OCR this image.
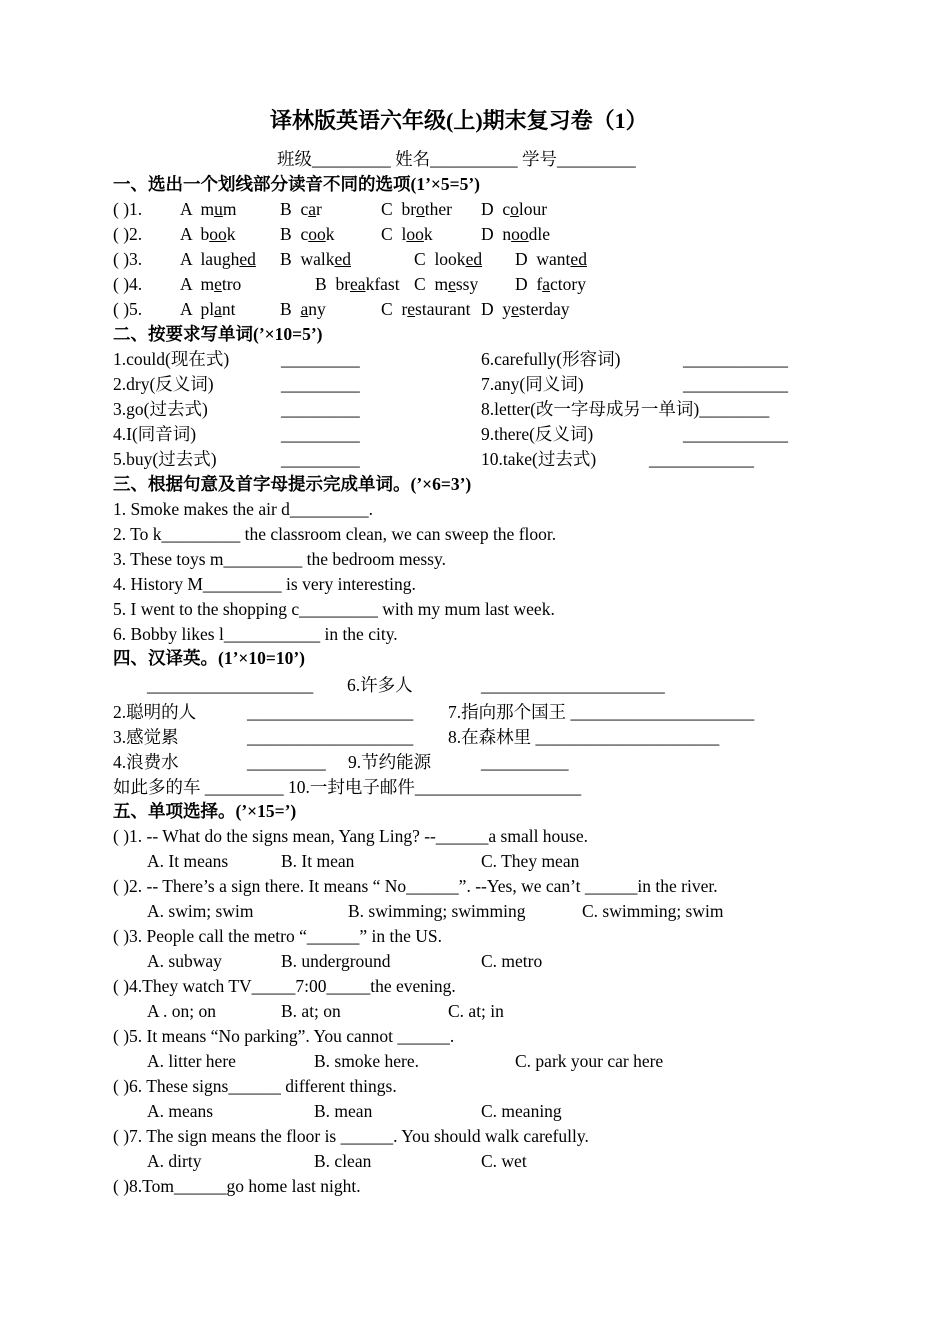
译林版英语六年级(上)期末复习卷（1）
班级_________ 姓名__________ 学号_________
一、选出一个划线部分读音不同的选项(1’×5=5’)
( )1. A mum B car	C brother D colour
( )2. A book	B cook	C look	D noodle
( )3. A laughed B walked	C looked D wanted
( )4. A metro	B breakfast C messy D factory
( )5. A plant	B any	C restaurant D yesterday
二、按要求写单词(’×10=5’)
1.could(现在式)	_________	6.carefully(形容词)	____________
2.dry(反义词)	_________	7.any(同义词)	____________
3.go(过去式)	_________	8.letter(改一字母成另一单词)________
4.I(同音词)	_________	9.there(反义词)	____________
5.buy(过去式)	_________	10.take(过去式)	____________
三、根据句意及首字母提示完成单词。(’×6=3’)
1. Smoke makes the air d_________.
2. To k_________ the classroom clean, we can sweep the floor.
3. These toys m_________ the bedroom messy.
4. History M_________ is very interesting.
5. I went to the shopping c_________ with my mum last week.
6. Bobby likes l___________ in the city.
四、汉译英。(1’×10=10’)
___________________ 6.许多人	_____________________
2.聪明的人	___________________ 7.指向那个国王 _____________________
3.感觉累	___________________ 8.在森林里 _____________________
4.浪费水	_________ 9.节约能源	__________
如此多的车 _________ 10.一封电子邮件___________________
五、单项选择。(’×15=’)
( )1. -- What do the signs mean, Yang Ling? --______a small house.
A. It means	B. It mean	C. They mean
( )2. -- There’s a sign there. It means “ No______”. --Yes, we can’t ______in the river.
A. swim; swim	B. swimming; swimming	C. swimming; swim
( )3. People call the metro “______” in the US.
A. subway	B. underground	C. metro
( )4.They watch TV_____7:00_____the evening.
A . on; on	B. at; on	C. at; in
( )5. It means “No parking”. You cannot ______.
A. litter here	B. smoke here.	C. park your car here
( )6. These signs______ different things.
A. means	B. mean	C. meaning
( )7. The sign means the floor is ______. You should walk carefully.
A. dirty	B. clean	C. wet
( )8.Tom______go home last night.
